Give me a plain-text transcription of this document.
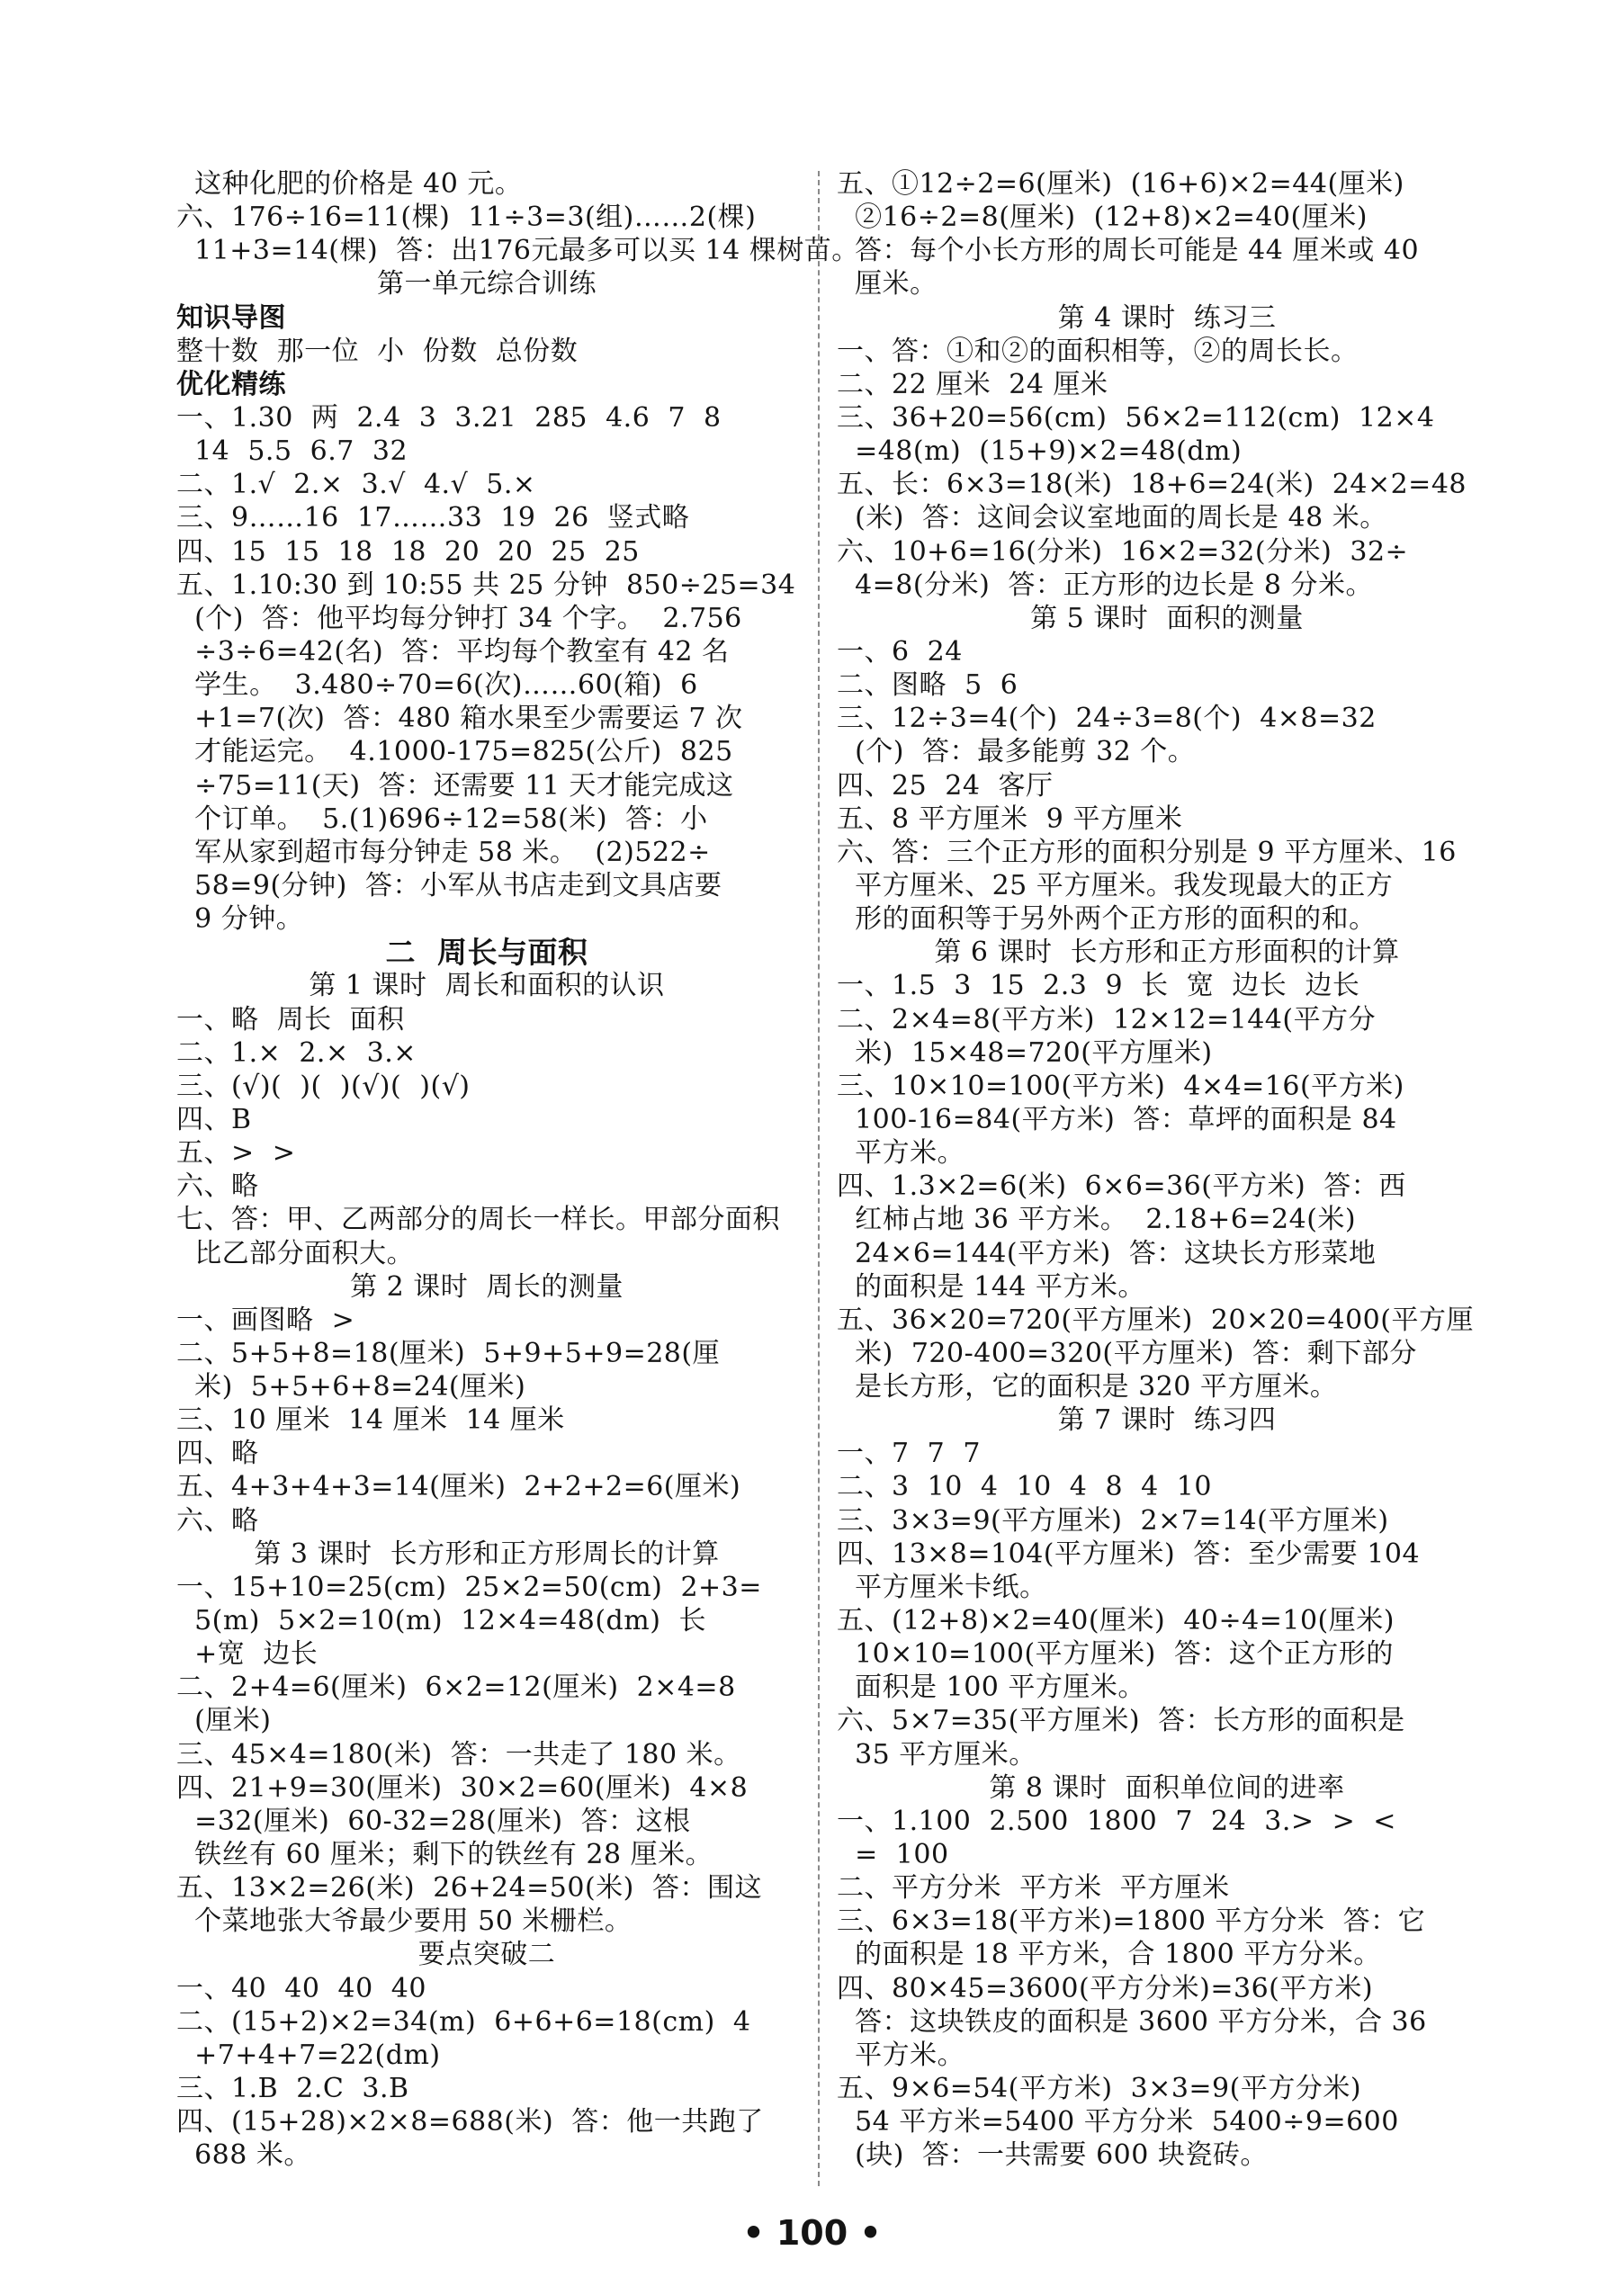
这种化肥的价格是 40 元。
六、176÷16=11(棵)  11÷3=3(组)……2(棵)
11+3=14(棵)  答：出176元最多可以买 14 棵树苗。
第一单元综合训练
知识导图
整十数  那一位  小  份数  总份数
优化精练
一、1.30  两  2.4  3  3.21  285  4.6  7  8
14  5.5  6.7  32
二、1.√  2.×  3.√  4.√  5.×
三、9……16  17……33  19  26  竖式略
四、15  15  18  18  20  20  25  25
五、1.10:30 到 10:55 共 25 分钟  850÷25=34
(个)  答：他平均每分钟打 34 个字。  2.756
÷3÷6=42(名)  答：平均每个教室有 42 名
学生。  3.480÷70=6(次)……60(箱)  6
+1=7(次)  答：480 箱水果至少需要运 7 次
才能运完。  4.1000-175=825(公斤)  825
÷75=11(天)  答：还需要 11 天才能完成这
个订单。  5.(1)696÷12=58(米)  答：小
军从家到超市每分钟走 58 米。  (2)522÷
58=9(分钟)  答：小军从书店走到文具店要
9 分钟。
二  周长与面积
第 1 课时  周长和面积的认识
一、略  周长  面积
二、1.×  2.×  3.×
三、(√)(  )(  )(√)(  )(√)
四、B
五、>  >
六、略
七、答：甲、乙两部分的周长一样长。甲部分面积
比乙部分面积大。
第 2 课时  周长的测量
一、画图略  >
二、5+5+8=18(厘米)  5+9+5+9=28(厘
米)  5+5+6+8=24(厘米)
三、10 厘米  14 厘米  14 厘米
四、略
五、4+3+4+3=14(厘米)  2+2+2=6(厘米)
六、略
第 3 课时  长方形和正方形周长的计算
一、15+10=25(cm)  25×2=50(cm)  2+3=
5(m)  5×2=10(m)  12×4=48(dm)  长
+宽  边长
二、2+4=6(厘米)  6×2=12(厘米)  2×4=8
(厘米)
三、45×4=180(米)  答：一共走了 180 米。
四、21+9=30(厘米)  30×2=60(厘米)  4×8
=32(厘米)  60-32=28(厘米)  答：这根
铁丝有 60 厘米；剩下的铁丝有 28 厘米。
五、13×2=26(米)  26+24=50(米)  答：围这
个菜地张大爷最少要用 50 米栅栏。
要点突破二
一、40  40  40  40
二、(15+2)×2=34(m)  6+6+6=18(cm)  4
+7+4+7=22(dm)
三、1.B  2.C  3.B
四、(15+28)×2×8=688(米)  答：他一共跑了
688 米。
五、①12÷2=6(厘米)  (16+6)×2=44(厘米)
②16÷2=8(厘米)  (12+8)×2=40(厘米)
答：每个小长方形的周长可能是 44 厘米或 40
厘米。
第 4 课时  练习三
一、答：①和②的面积相等，②的周长长。
二、22 厘米  24 厘米
三、36+20=56(cm)  56×2=112(cm)  12×4
=48(m)  (15+9)×2=48(dm)
五、长：6×3=18(米)  18+6=24(米)  24×2=48
(米)  答：这间会议室地面的周长是 48 米。
六、10+6=16(分米)  16×2=32(分米)  32÷
4=8(分米)  答：正方形的边长是 8 分米。
第 5 课时  面积的测量
一、6  24
二、图略  5  6
三、12÷3=4(个)  24÷3=8(个)  4×8=32
(个)  答：最多能剪 32 个。
四、25  24  客厅
五、8 平方厘米  9 平方厘米
六、答：三个正方形的面积分别是 9 平方厘米、16
平方厘米、25 平方厘米。我发现最大的正方
形的面积等于另外两个正方形的面积的和。
第 6 课时  长方形和正方形面积的计算
一、1.5  3  15  2.3  9  长  宽  边长  边长
二、2×4=8(平方米)  12×12=144(平方分
米)  15×48=720(平方厘米)
三、10×10=100(平方米)  4×4=16(平方米)
100-16=84(平方米)  答：草坪的面积是 84
平方米。
四、1.3×2=6(米)  6×6=36(平方米)  答：西
红柿占地 36 平方米。  2.18+6=24(米)
24×6=144(平方米)  答：这块长方形菜地
的面积是 144 平方米。
五、36×20=720(平方厘米)  20×20=400(平方厘
米)  720-400=320(平方厘米)  答：剩下部分
是长方形，它的面积是 320 平方厘米。
第 7 课时  练习四
一、7  7  7
二、3  10  4  10  4  8  4  10
三、3×3=9(平方厘米)  2×7=14(平方厘米)
四、13×8=104(平方厘米)  答：至少需要 104
平方厘米卡纸。
五、(12+8)×2=40(厘米)  40÷4=10(厘米)
10×10=100(平方厘米)  答：这个正方形的
面积是 100 平方厘米。
六、5×7=35(平方厘米)  答：长方形的面积是
35 平方厘米。
第 8 课时  面积单位间的进率
一、1.100  2.500  1800  7  24  3.>  >  <
=  100
二、平方分米  平方米  平方厘米
三、6×3=18(平方米)=1800 平方分米  答：它
的面积是 18 平方米，合 1800 平方分米。
四、80×45=3600(平方分米)=36(平方米)
答：这块铁皮的面积是 3600 平方分米，合 36
平方米。
五、9×6=54(平方米)  3×3=9(平方分米)
54 平方米=5400 平方分米  5400÷9=600
(块)  答：一共需要 600 块瓷砖。
• 100 •
